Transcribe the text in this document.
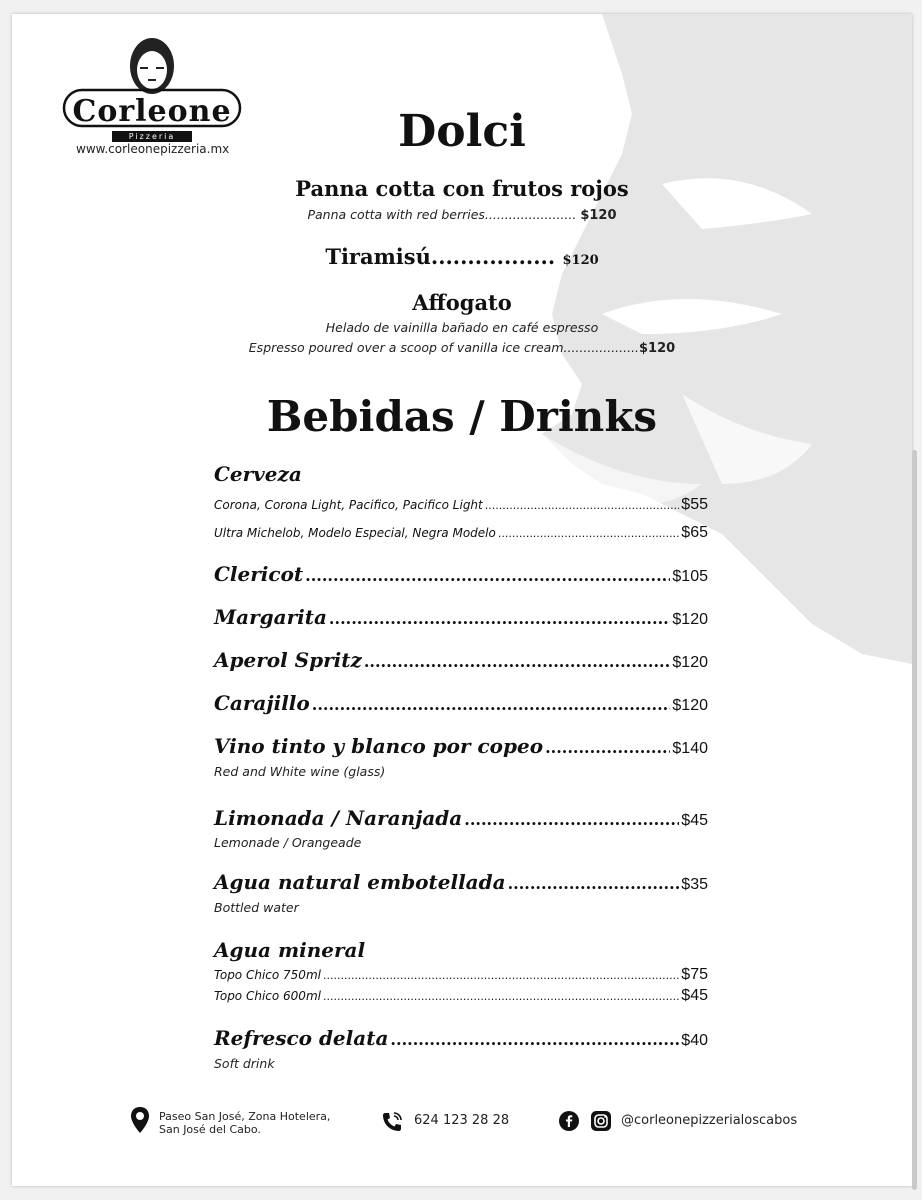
Corleone
Pizzeria
www.corleonepizzeria.mx	Dolci
Panna cotta con frutos rojos
Panna cotta with red berries....................... $120
Tiramisú................. $120
Affogato
Helado de vainilla bañado en café espresso
Espresso poured over a scoop of vanilla ice cream...................$120
Bebidas / Drinks
Cerveza
Corona, Corona Light, Pacifico, Pacifico Light .....	$55
Ultra Michelob, Modelo Especial, Negra Modelo .....	$65
Clericot .....	$105
Margarita .....	$120
Aperol Spritz .....	$120
Carajillo .....	$120
Vino tinto y blanco por copeo .....	$140
Red and White wine (glass)
Limonada / Naranjada .....	$45
Lemonade / Orangeade
Agua natural embotellada .....	$35
Bottled water
Agua mineral
Topo Chico 750ml .....	$75
Topo Chico 600ml .....	$45
Refresco delata .....	$40
Soft drink
Paseo San José, Zona Hotelera,
San José del Cabo.
624 123 28 28	@corleonepizzerialoscabos
